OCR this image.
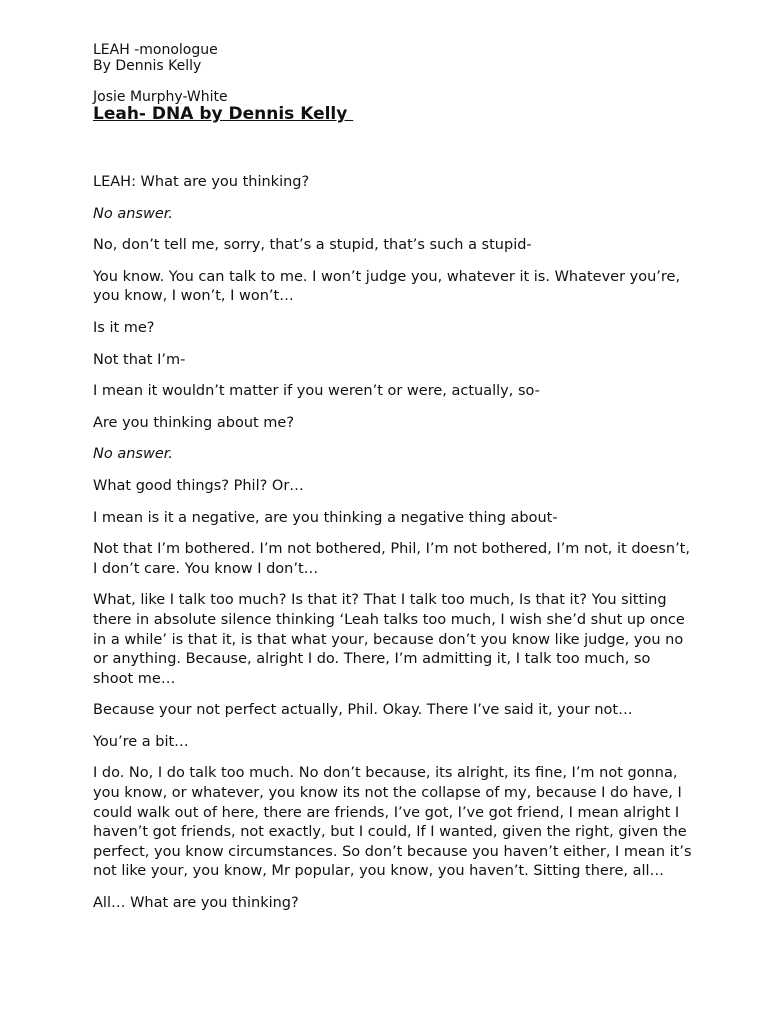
LEAH -monologue

By Dennis Kelly

Josie Murphy-White

Leah- DNA by Dennis Kelly

LEAH: What are you thinking?

No answer.

No, don’t tell me, sorry, that’s a stupid, that’s such a stupid-

You know. You can talk to me. I won’t judge you, whatever it is. Whatever you’re, you know, I won’t, I won’t…

Is it me?

Not that I’m-

I mean it wouldn’t matter if you weren’t or were, actually, so-

Are you thinking about me?

No answer.

What good things? Phil? Or…

I mean is it a negative, are you thinking a negative thing about-

Not that I’m bothered. I’m not bothered, Phil, I’m not bothered, I’m not, it doesn’t, I don’t care. You know I don’t…

What, like I talk too much? Is that it? That I talk too much, Is that it? You sitting there in absolute silence thinking ‘Leah talks too much, I wish she’d shut up once in a while’ is that it, is that what your, because don’t you know like judge, you no or anything. Because, alright I do. There, I’m admitting it, I talk too much, so shoot me…

Because your not perfect actually, Phil. Okay. There I’ve said it, your not…

You’re a bit…

I do. No, I do talk too much. No don’t because, its alright, its fine, I’m not gonna, you know, or whatever, you know its not the collapse of my, because I do have, I could walk out of here, there are friends, I’ve got, I’ve got friend, I mean alright I haven’t got friends, not exactly, but I could, If I wanted, given the right, given the perfect, you know circumstances. So don’t because you haven’t either, I mean it’s not like your, you know, Mr popular, you know, you haven’t. Sitting there, all…

All… What are you thinking?
